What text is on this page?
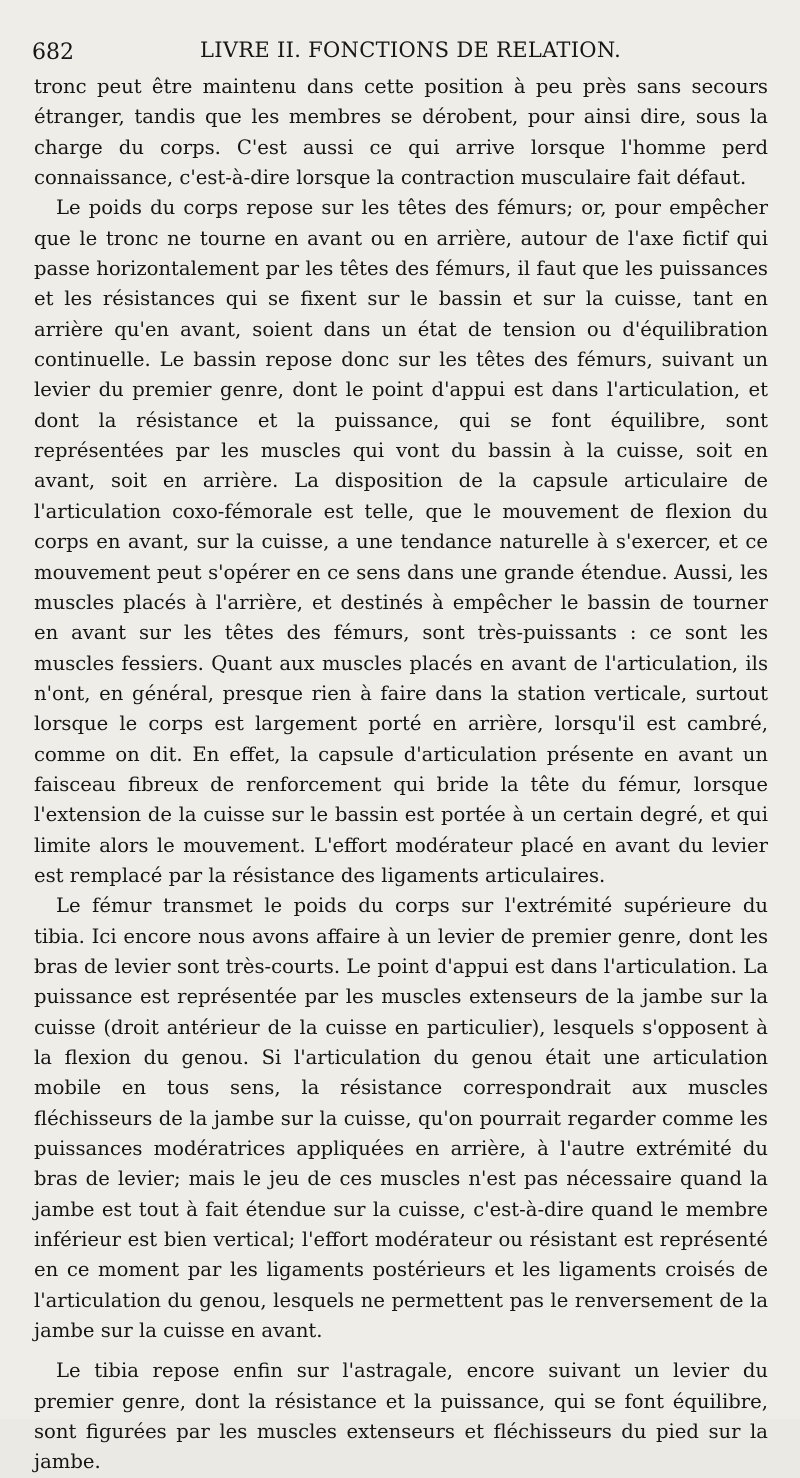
682	LIVRE II. FONCTIONS DE RELATION.

tronc peut être maintenu dans cette position à peu près sans secours étranger, tandis que les membres se dérobent, pour ainsi dire, sous la charge du corps. C'est aussi ce qui arrive lorsque l'homme perd connaissance, c'est-à-dire lorsque la contraction musculaire fait défaut.

Le poids du corps repose sur les têtes des fémurs; or, pour empêcher que le tronc ne tourne en avant ou en arrière, autour de l'axe fictif qui passe horizontalement par les têtes des fémurs, il faut que les puissances et les résistances qui se fixent sur le bassin et sur la cuisse, tant en arrière qu'en avant, soient dans un état de tension ou d'équilibration continuelle. Le bassin repose donc sur les têtes des fémurs, suivant un levier du premier genre, dont le point d'appui est dans l'articulation, et dont la résistance et la puissance, qui se font équilibre, sont représentées par les muscles qui vont du bassin à la cuisse, soit en avant, soit en arrière. La disposition de la capsule articulaire de l'articulation coxo-fémorale est telle, que le mouvement de flexion du corps en avant, sur la cuisse, a une tendance naturelle à s'exercer, et ce mouvement peut s'opérer en ce sens dans une grande étendue. Aussi, les muscles placés à l'arrière, et destinés à empêcher le bassin de tourner en avant sur les têtes des fémurs, sont très-puissants : ce sont les muscles fessiers. Quant aux muscles placés en avant de l'articulation, ils n'ont, en général, presque rien à faire dans la station verticale, surtout lorsque le corps est largement porté en arrière, lorsqu'il est cambré, comme on dit. En effet, la capsule d'articulation présente en avant un faisceau fibreux de renforcement qui bride la tête du fémur, lorsque l'extension de la cuisse sur le bassin est portée à un certain degré, et qui limite alors le mouvement. L'effort modérateur placé en avant du levier est remplacé par la résistance des ligaments articulaires.

Le fémur transmet le poids du corps sur l'extrémité supérieure du tibia. Ici encore nous avons affaire à un levier de premier genre, dont les bras de levier sont très-courts. Le point d'appui est dans l'articulation. La puissance est représentée par les muscles extenseurs de la jambe sur la cuisse (droit antérieur de la cuisse en particulier), lesquels s'opposent à la flexion du genou. Si l'articulation du genou était une articulation mobile en tous sens, la résistance correspondrait aux muscles fléchisseurs de la jambe sur la cuisse, qu'on pourrait regarder comme les puissances modératrices appliquées en arrière, à l'autre extrémité du bras de levier; mais le jeu de ces muscles n'est pas nécessaire quand la jambe est tout à fait étendue sur la cuisse, c'est-à-dire quand le membre inférieur est bien vertical; l'effort modérateur ou résistant est représenté en ce moment par les ligaments postérieurs et les ligaments croisés de l'articulation du genou, lesquels ne permettent pas le renversement de la jambe sur la cuisse en avant.

Le tibia repose enfin sur l'astragale, encore suivant un levier du premier genre, dont la résistance et la puissance, qui se font équilibre, sont figurées par les muscles extenseurs et fléchisseurs du pied sur la jambe.
